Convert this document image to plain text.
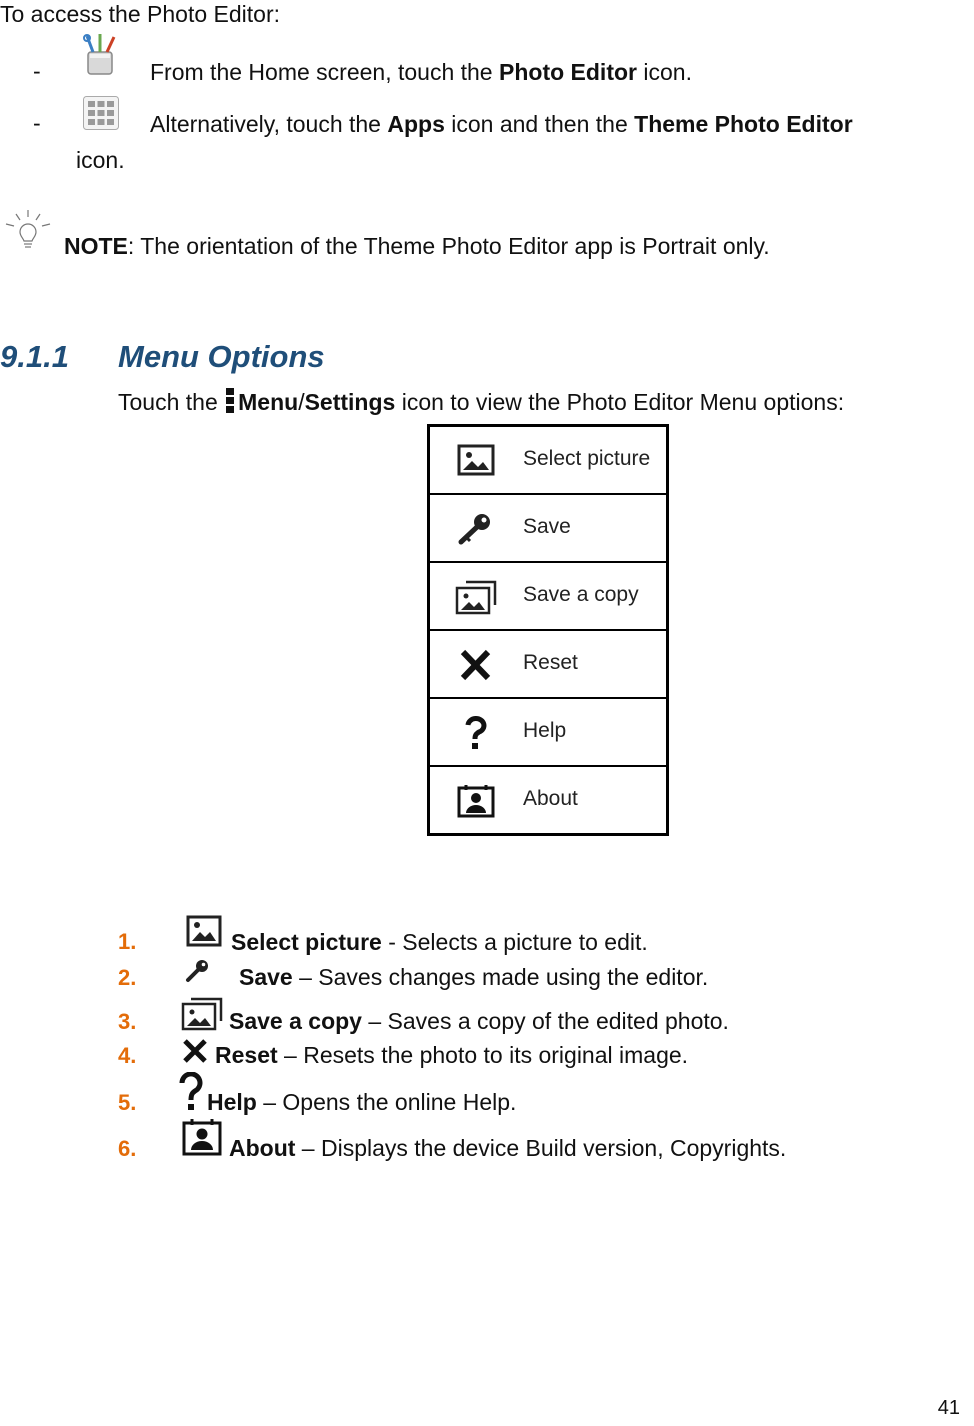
To access the Photo Editor:
-	From the Home screen, touch the Photo Editor icon.
-	Alternatively, touch the Apps icon and then the Theme Photo Editor
icon.
NOTE: The orientation of the Theme Photo Editor app is Portrait only.
9.1.1 Menu Options
Touch the
Menu/Settings icon to view the Photo Editor Menu options:
Select picture
Save
Save a copy
Reset
Help
About
1.	Select picture - Selects a picture to edit.
2.	Save – Saves changes made using the editor.
3.	Save a copy – Saves a copy of the edited photo.
4.	Reset – Resets the photo to its original image.
5.	Help – Opens the online Help.
6.	About – Displays the device Build version, Copyrights.
41
